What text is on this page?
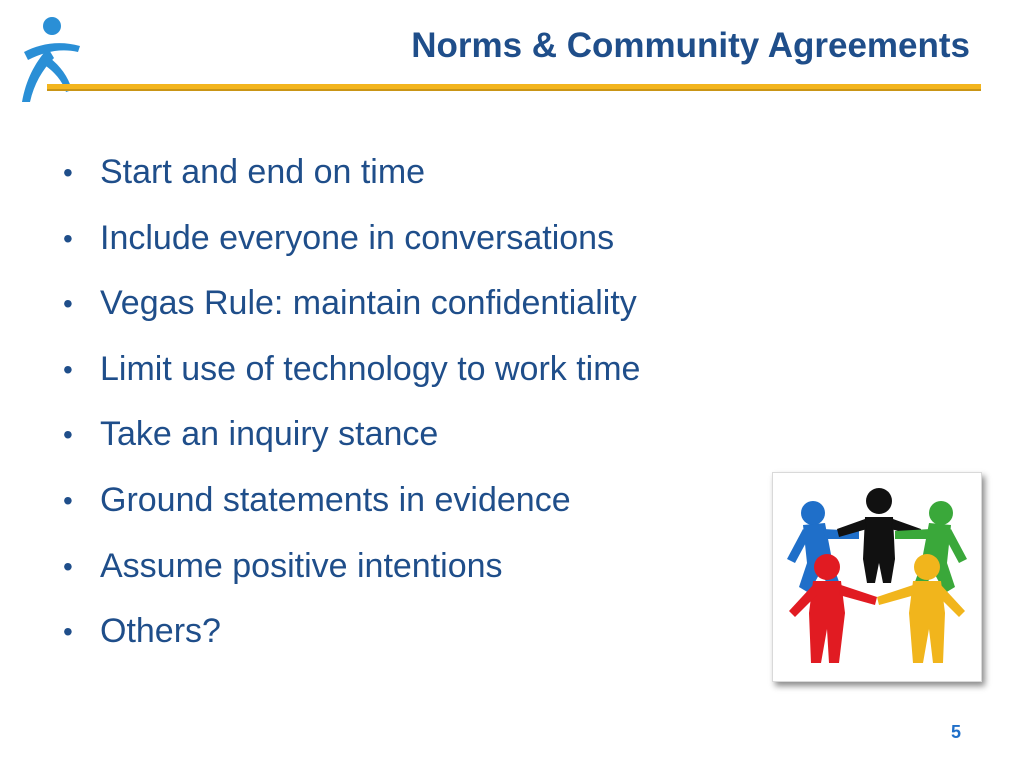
Norms & Community Agreements
• Start and end on time
• Include everyone in conversations
• Vegas Rule: maintain confidentiality
• Limit use of technology to work time
• Take an inquiry stance
• Ground statements in evidence
• Assume positive intentions
• Others?
5
